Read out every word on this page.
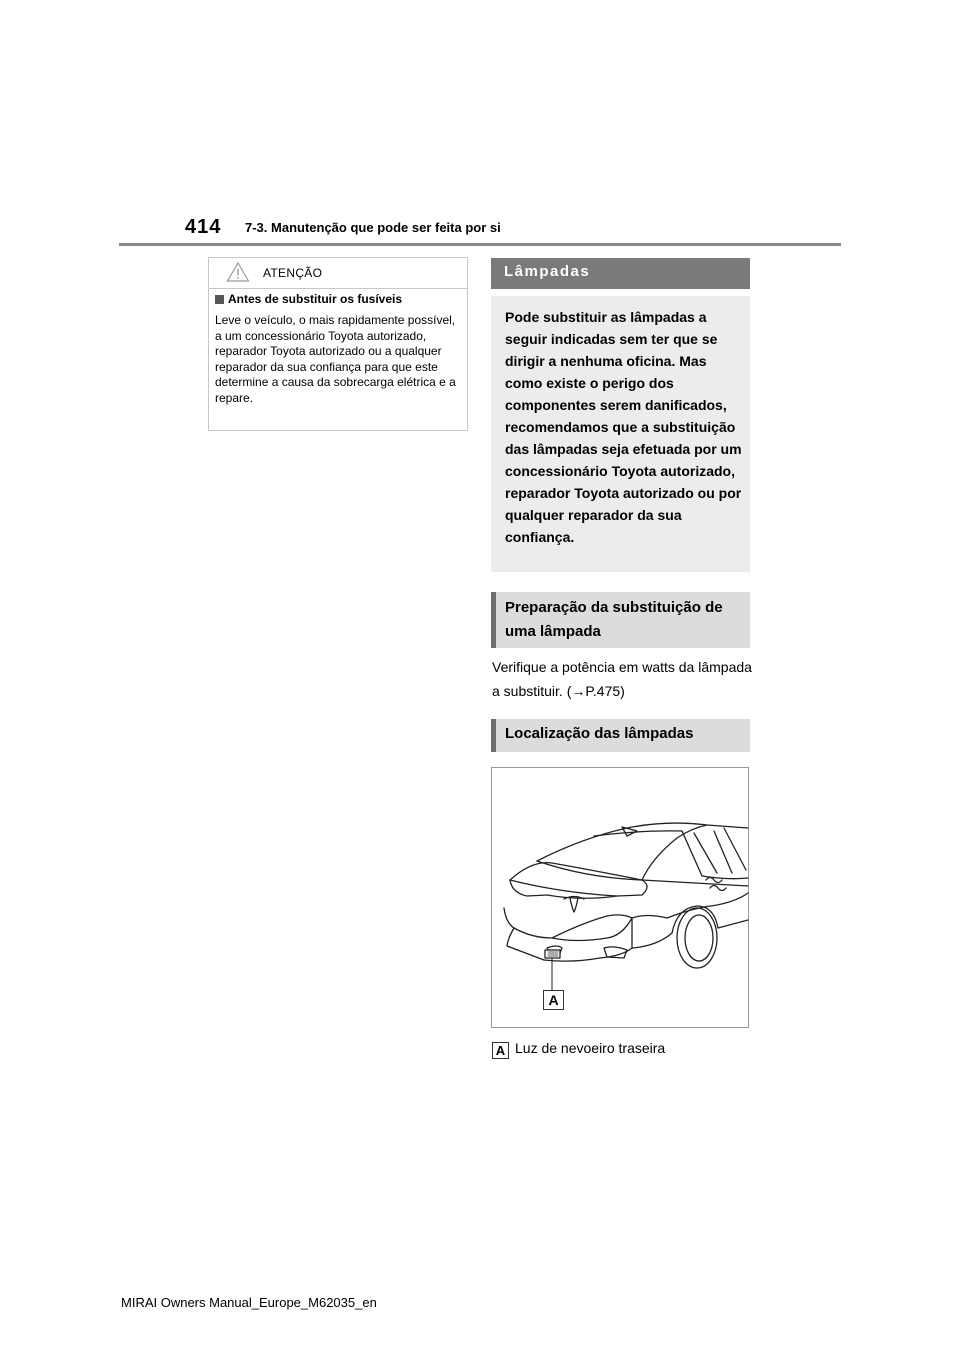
414 7-3. Manutenção que pode ser feita por si
ATENÇÃO
Antes de substituir os fusíveis
Leve o veículo, o mais rapidamente possível, a um concessionário Toyota autorizado, reparador Toyota autorizado ou a qualquer reparador da sua confiança para que este determine a causa da sobrecarga elétrica e a repare.
Lâmpadas
Pode substituir as lâmpadas a seguir indicadas sem ter que se dirigir a nenhuma oficina. Mas como existe o perigo dos componentes serem danificados, recomendamos que a substituição das lâmpadas seja efetuada por um concessionário Toyota autorizado, reparador Toyota autorizado ou por qualquer reparador da sua confiança.
Preparação da substituição de uma lâmpada
Verifique a potência em watts da lâmpada a substituir. (→P.475)
Localização das lâmpadas
A
A Luz de nevoeiro traseira
MIRAI Owners Manual_Europe_M62035_en
